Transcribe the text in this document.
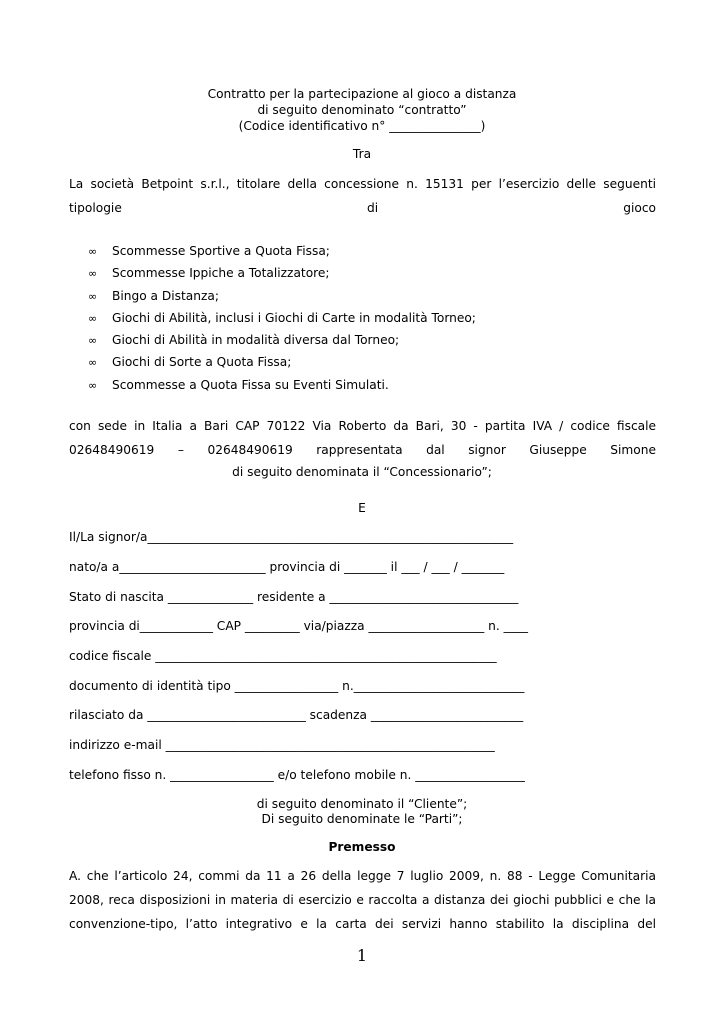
Contratto per la partecipazione al gioco a distanza
di seguito denominato “contratto”
(Codice identificativo n° _______________)
Tra
La società Betpoint s.r.l., titolare della concessione n. 15131 per l’esercizio delle seguenti
tipologie di gioco
∞ Scommesse Sportive a Quota Fissa;
∞ Scommesse Ippiche a Totalizzatore;
∞ Bingo a Distanza;
∞ Giochi di Abilità, inclusi i Giochi di Carte in modalità Torneo;
∞ Giochi di Abilità in modalità diversa dal Torneo;
∞ Giochi di Sorte a Quota Fissa;
∞ Scommesse a Quota Fissa su Eventi Simulati.
con sede in Italia a Bari CAP 70122 Via Roberto da Bari, 30 - partita IVA / codice fiscale
02648490619 – 02648490619 rappresentata dal signor Giuseppe Simone
di seguito denominata il “Concessionario”;
E
Il/La signor/a____________________________________________________________
nato/a a________________________ provincia di _______ il ___ / ___ / _______
Stato di nascita ______________ residente a _______________________________
provincia di____________ CAP _________ via/piazza ___________________ n. ____
codice fiscale ________________________________________________________
documento di identità tipo _________________ n.____________________________
rilasciato da __________________________ scadenza _________________________
indirizzo e-mail ______________________________________________________
telefono fisso n. _________________ e/o telefono mobile n. __________________
di seguito denominato il “Cliente”;
Di seguito denominate le “Parti”;
Premesso
A. che l’articolo 24, commi da 11 a 26 della legge 7 luglio 2009, n. 88 - Legge Comunitaria 2008, reca disposizioni in materia di esercizio e raccolta a distanza dei giochi pubblici e che la convenzione-tipo, l’atto integrativo e la carta dei servizi hanno stabilito la disciplina del
1
